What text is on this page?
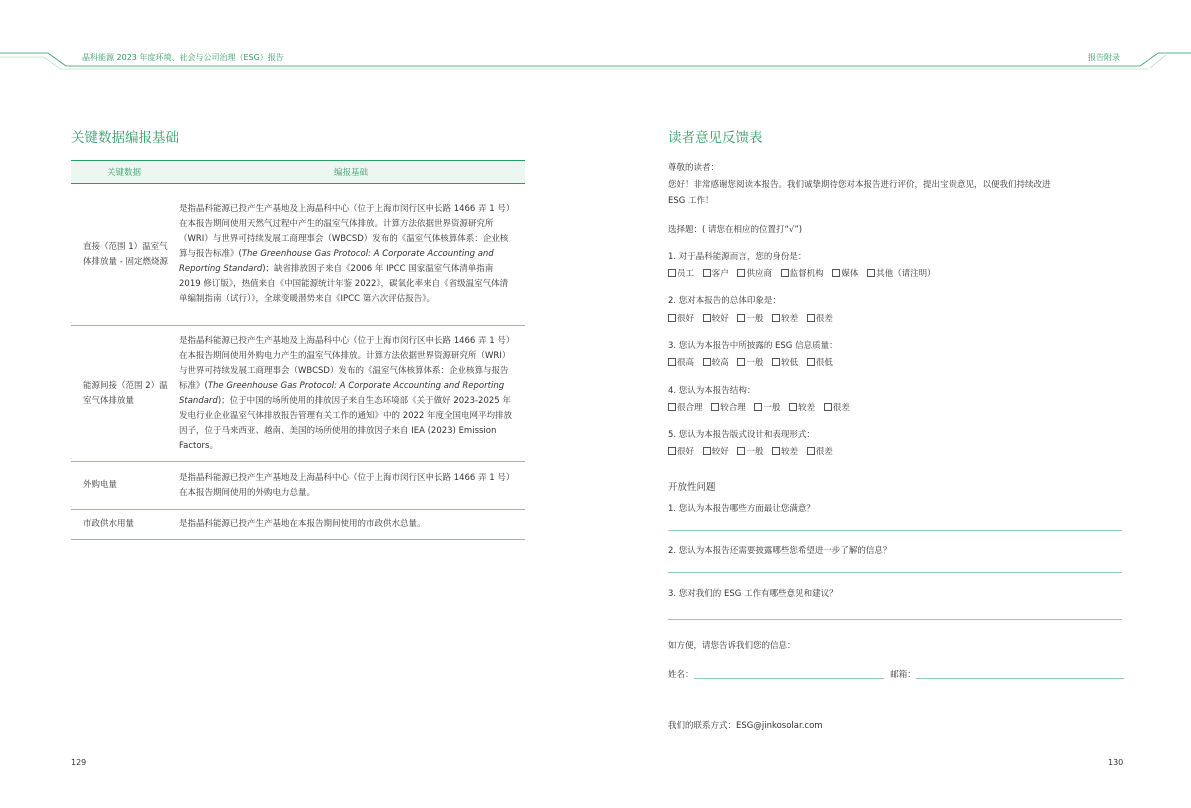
晶科能源 2023 年度环境、社会与公司治理（ESG）报告	报告附录
关键数据编报基础
关键数据	编报基础
直接（范围 1）温室气体排放量 - 固定燃烧源	是指晶科能源已投产生产基地及上海晶科中心（位于上海市闵行区申长路 1466 弄 1 号）在本报告期间使用天然气过程中产生的温室气体排放。计算方法依据世界资源研究所（WRI）与世界可持续发展工商理事会（WBCSD）发布的《温室气体核算体系：企业核算与报告标准》(The Greenhouse Gas Protocol: A Corporate Accounting and Reporting Standard)；缺省排放因子来自《2006 年 IPCC 国家温室气体清单指南 2019 修订版》，热值来自《中国能源统计年鉴 2022》，碳氧化率来自《省级温室气体清单编制指南（试行）》，全球变暖潜势来自《IPCC 第六次评估报告》。
能源间接（范围 2）温室气体排放量	是指晶科能源已投产生产基地及上海晶科中心（位于上海市闵行区申长路 1466 弄 1 号）在本报告期间使用外购电力产生的温室气体排放。计算方法依据世界资源研究所（WRI）与世界可持续发展工商理事会（WBCSD）发布的《温室气体核算体系：企业核算与报告标准》(The Greenhouse Gas Protocol: A Corporate Accounting and Reporting Standard)；位于中国的场所使用的排放因子来自生态环境部《关于做好 2023-2025 年发电行业企业温室气体排放报告管理有关工作的通知》中的 2022 年度全国电网平均排放因子，位于马来西亚、越南、美国的场所使用的排放因子来自 IEA (2023) Emission Factors。
外购电量	是指晶科能源已投产生产基地及上海晶科中心（位于上海市闵行区申长路 1466 弄 1 号）在本报告期间使用的外购电力总量。
市政供水用量	是指晶科能源已投产生产基地在本报告期间使用的市政供水总量。
129
读者意见反馈表
尊敬的读者：
您好！非常感谢您阅读本报告。我们诚挚期待您对本报告进行评价，提出宝贵意见，以便我们持续改进
ESG 工作！
选择题：( 请您在相应的位置打“√”)
1. 对于晶科能源而言，您的身份是：
员工 客户 供应商 监督机构 媒体 其他（请注明）
2. 您对本报告的总体印象是：
很好 较好 一般 较差 很差
3. 您认为本报告中所披露的 ESG 信息质量：
很高 较高 一般 较低 很低
4. 您认为本报告结构：
很合理 较合理 一般 较差 很差
5. 您认为本报告版式设计和表现形式：
很好 较好 一般 较差 很差
开放性问题
1. 您认为本报告哪些方面最让您满意？
2. 您认为本报告还需要披露哪些您希望进一步了解的信息？
3. 您对我们的 ESG 工作有哪些意见和建议？
如方便，请您告诉我们您的信息：
姓名：	邮箱：
我们的联系方式：ESG@jinkosolar.com
130
